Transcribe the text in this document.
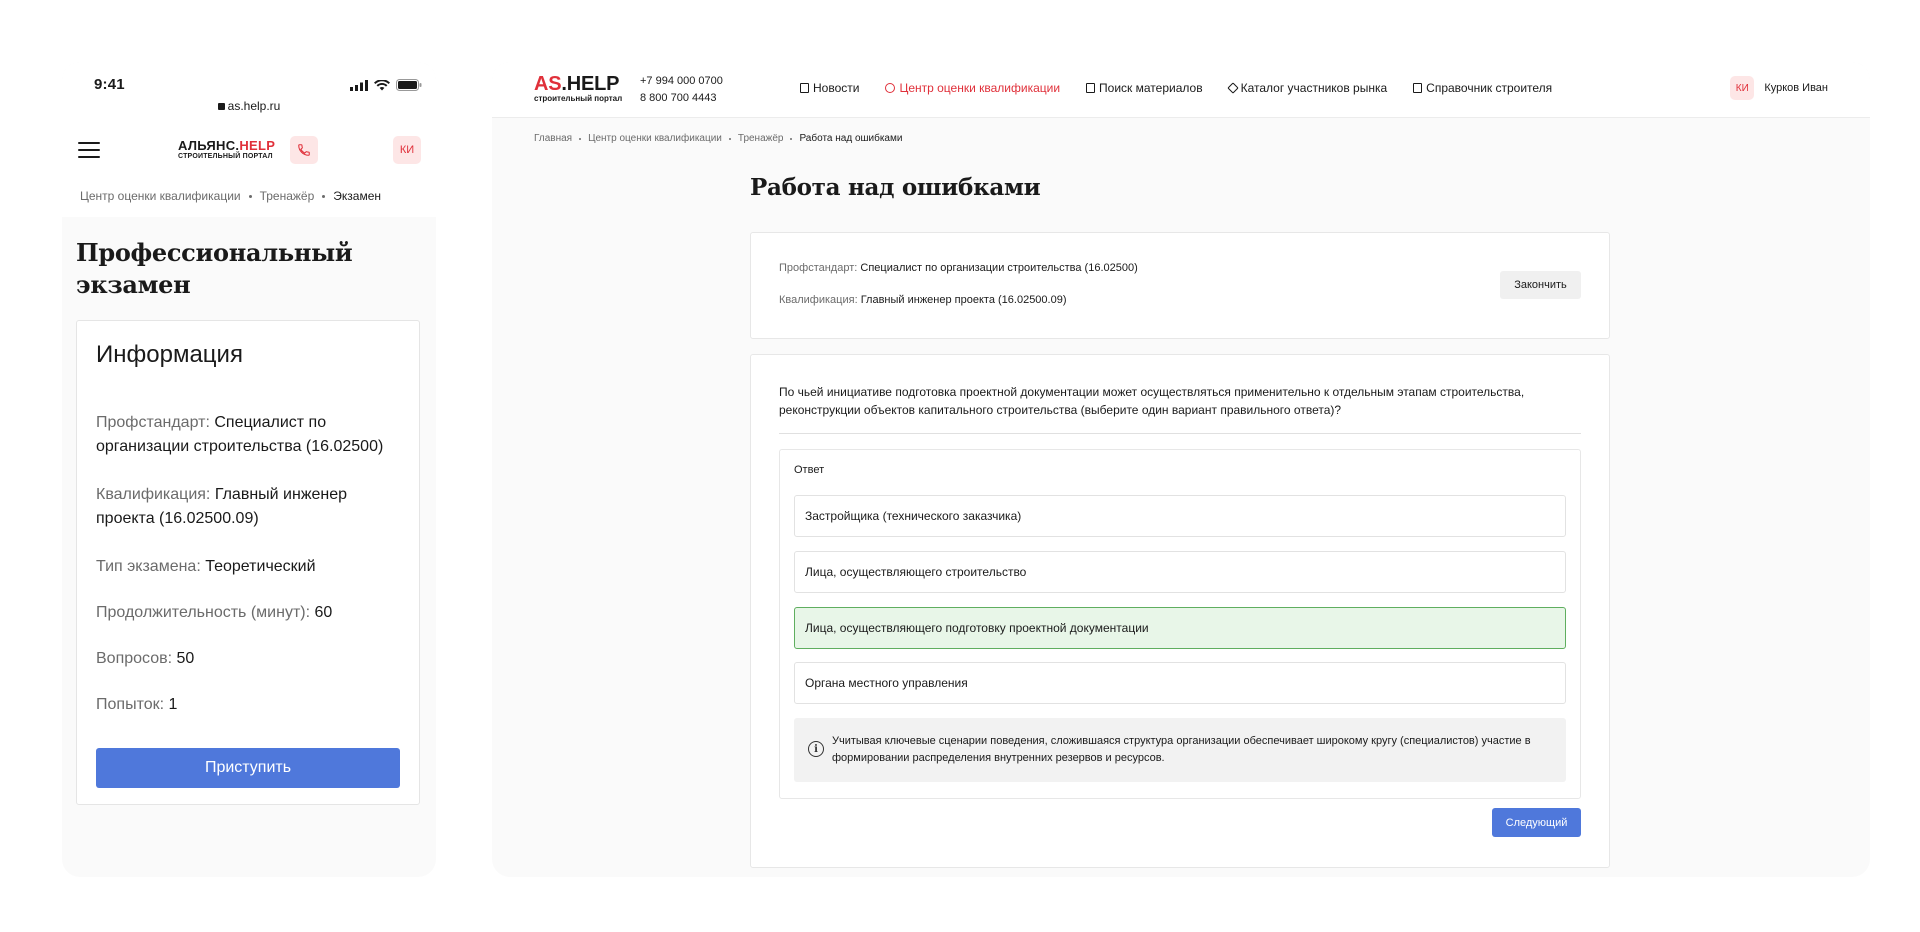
9:41
as.help.ru
АЛЬЯНС.HELP
СТРОИТЕЛЬНЫЙ ПОРТАЛ
КИ
Центр оценки квалификации Тренажёр Экзамен
Профессиональный экзамен
Информация
Профстандарт: Специалист по организации строительства (16.02500)
Квалификация: Главный инженер проекта (16.02500.09)
Тип экзамена: Теоретический
Продолжительность (минут): 60
Вопросов: 50
Попыток: 1
Приступить
AS.HELP
строительный портал
+7 994 000 0700
8 800 700 4443
Новости	Центр оценки квалификации	Поиск материалов	Каталог участников рынка	Справочник строителя	КИ	Курков Иван
Главная Центр оценки квалификации Тренажёр Работа над ошибками
Работа над ошибками
Профстандарт: Специалист по организации строительства (16.02500)
Квалификация: Главный инженер проекта (16.02500.09)
Закончить
По чьей инициативе подготовка проектной документации может осуществляться применительно к отдельным этапам строительства, реконструкции объектов капитального строительства (выберите один вариант правильного ответа)?
Ответ
Застройщика (технического заказчика)
Лица, осуществляющего строительство
Лица, осуществляющего подготовку проектной документации
Органа местного управления
i
Учитывая ключевые сценарии поведения, сложившаяся структура организации обеспечивает широкому кругу (специалистов) участие в формировании распределения внутренних резервов и ресурсов.
Следующий
